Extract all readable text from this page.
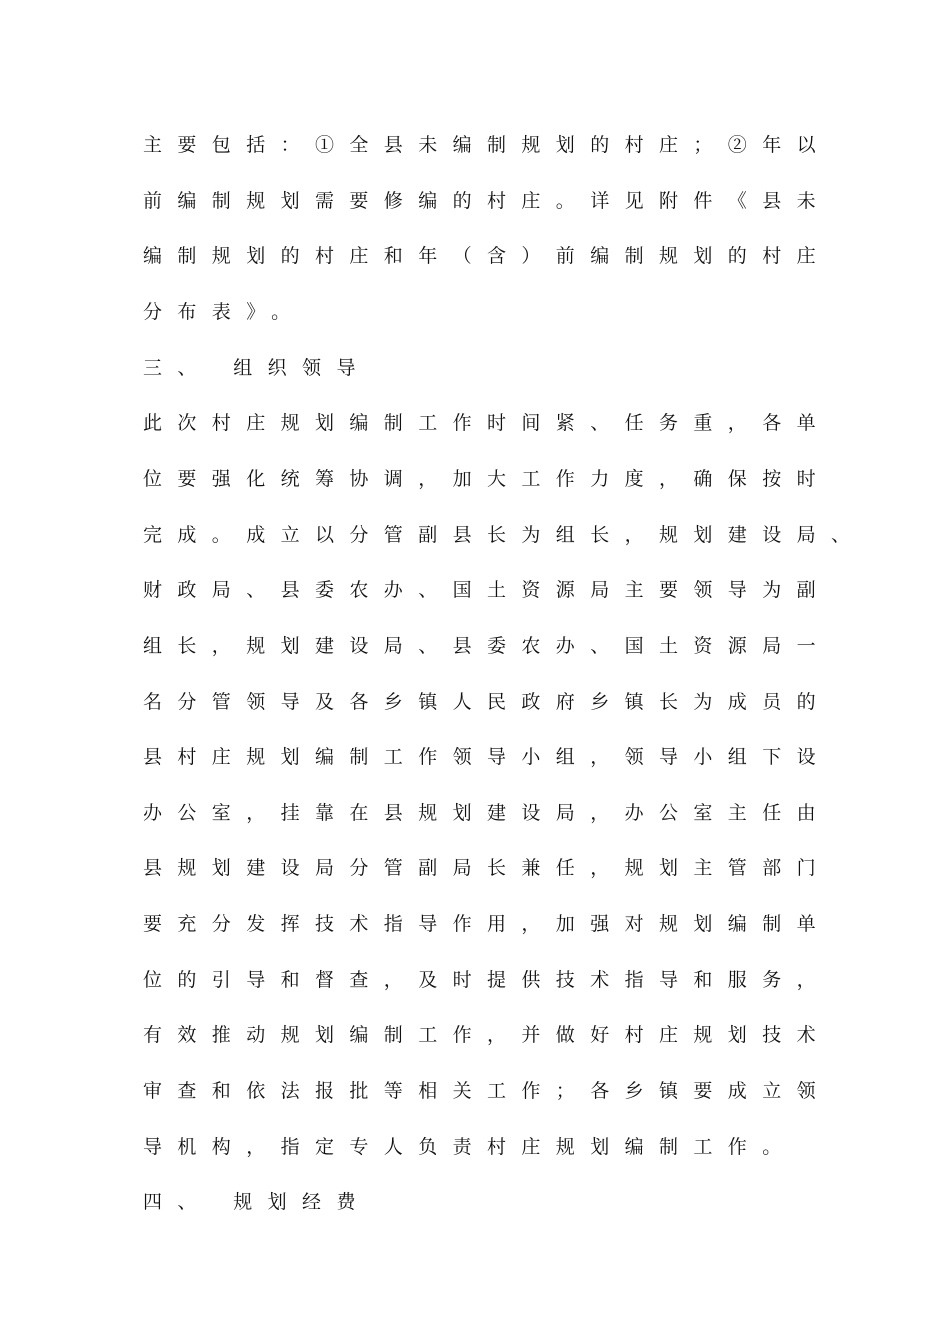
主要包括：①全县未编制规划的村庄；②年以
前编制规划需要修编的村庄。详见附件《县未
编制规划的村庄和年（含）前编制规划的村庄
分布表》。
三、 组织领导
此次村庄规划编制工作时间紧、任务重，各单
位要强化统筹协调，加大工作力度，确保按时
完成。成立以分管副县长为组长，规划建设局、
财政局、县委农办、国土资源局主要领导为副
组长，规划建设局、县委农办、国土资源局一
名分管领导及各乡镇人民政府乡镇长为成员的
县村庄规划编制工作领导小组，领导小组下设
办公室，挂靠在县规划建设局，办公室主任由
县规划建设局分管副局长兼任，规划主管部门
要充分发挥技术指导作用，加强对规划编制单
位的引导和督查，及时提供技术指导和服务，
有效推动规划编制工作，并做好村庄规划技术
审查和依法报批等相关工作；各乡镇要成立领
导机构，指定专人负责村庄规划编制工作。
四、 规划经费
